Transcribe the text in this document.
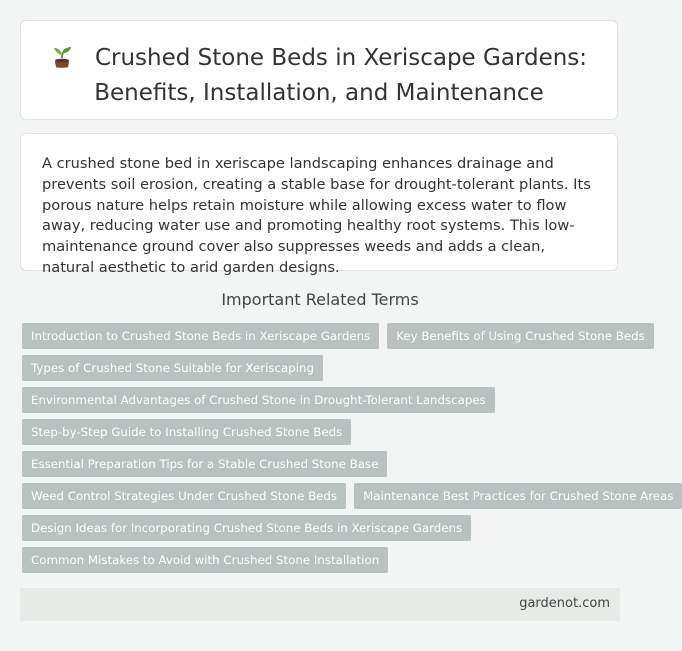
Crushed Stone Beds in Xeriscape Gardens:
Benefits, Installation, and Maintenance
A crushed stone bed in xeriscape landscaping enhances drainage and prevents soil erosion, creating a stable base for drought-tolerant plants. Its porous nature helps retain moisture while allowing excess water to flow away, reducing water use and promoting healthy root systems. This low-maintenance ground cover also suppresses weeds and adds a clean, natural aesthetic to arid garden designs.
Important Related Terms
Introduction to Crushed Stone Beds in Xeriscape Gardens	Key Benefits of Using Crushed Stone Beds
Types of Crushed Stone Suitable for Xeriscaping
Environmental Advantages of Crushed Stone in Drought-Tolerant Landscapes
Step-by-Step Guide to Installing Crushed Stone Beds
Essential Preparation Tips for a Stable Crushed Stone Base
Weed Control Strategies Under Crushed Stone Beds	Maintenance Best Practices for Crushed Stone Areas
Design Ideas for Incorporating Crushed Stone Beds in Xeriscape Gardens
Common Mistakes to Avoid with Crushed Stone Installation
gardenot.com
